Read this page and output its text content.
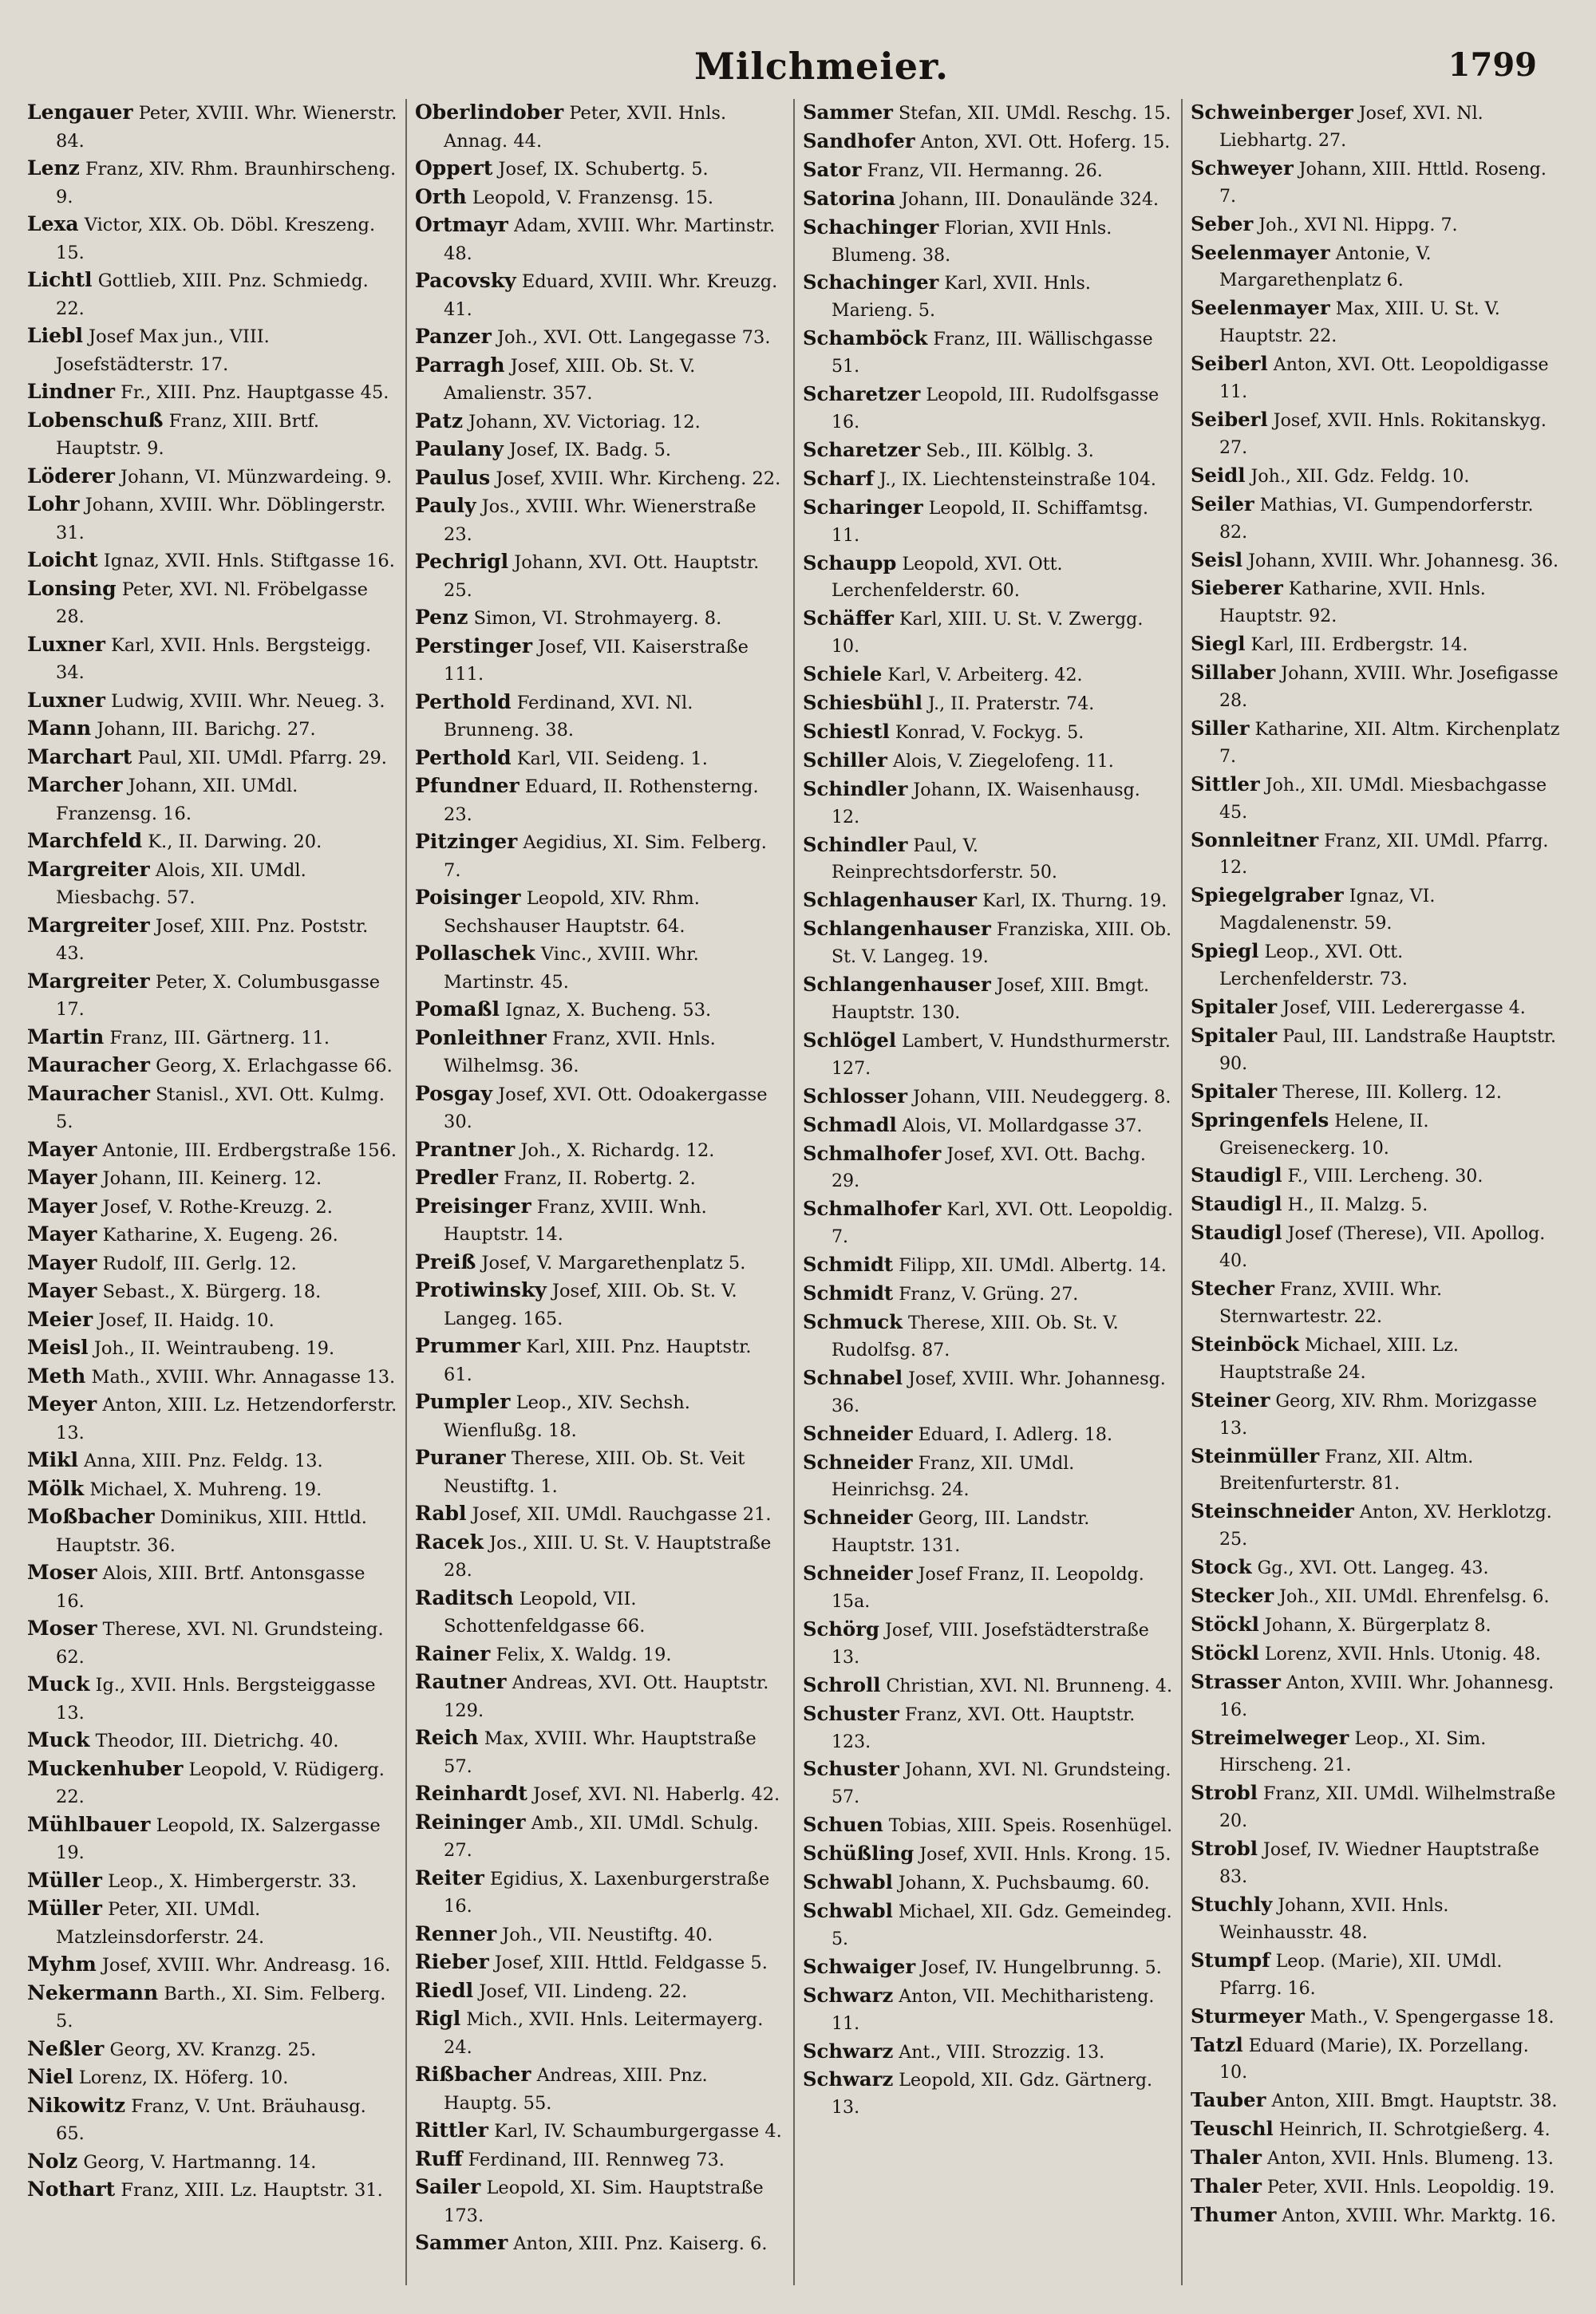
Milchmeier.	1799

Lengauer Peter, XVIII. Whr. Wienerstr. 84.

Lenz Franz, XIV. Rhm. Braunhirscheng. 9.

Lexa Victor, XIX. Ob. Döbl. Kreszeng. 15.

Lichtl Gottlieb, XIII. Pnz. Schmiedg. 22.

Liebl Josef Max jun., VIII. Josefstädterstr. 17.

Lindner Fr., XIII. Pnz. Hauptgasse 45.

Lobenschuß Franz, XIII. Brtf. Hauptstr. 9.

Löderer Johann, VI. Münzwardeing. 9.

Lohr Johann, XVIII. Whr. Döblingerstr. 31.

Loicht Ignaz, XVII. Hnls. Stiftgasse 16.

Lonsing Peter, XVI. Nl. Fröbelgasse 28.

Luxner Karl, XVII. Hnls. Bergsteigg. 34.

Luxner Ludwig, XVIII. Whr. Neueg. 3.

Mann Johann, III. Barichg. 27.

Marchart Paul, XII. UMdl. Pfarrg. 29.

Marcher Johann, XII. UMdl. Franzensg. 16.

Marchfeld K., II. Darwing. 20.

Margreiter Alois, XII. UMdl. Miesbachg. 57.

Margreiter Josef, XIII. Pnz. Poststr. 43.

Margreiter Peter, X. Columbusgasse 17.

Martin Franz, III. Gärtnerg. 11.

Mauracher Georg, X. Erlachgasse 66.

Mauracher Stanisl., XVI. Ott. Kulmg. 5.

Mayer Antonie, III. Erdbergstraße 156.

Mayer Johann, III. Keinerg. 12.

Mayer Josef, V. Rothe-Kreuzg. 2.

Mayer Katharine, X. Eugeng. 26.

Mayer Rudolf, III. Gerlg. 12.

Mayer Sebast., X. Bürgerg. 18.

Meier Josef, II. Haidg. 10.

Meisl Joh., II. Weintraubeng. 19.

Meth Math., XVIII. Whr. Annagasse 13.

Meyer Anton, XIII. Lz. Hetzendorferstr. 13.

Mikl Anna, XIII. Pnz. Feldg. 13.

Mölk Michael, X. Muhreng. 19.

Moßbacher Dominikus, XIII. Httld. Hauptstr. 36.

Moser Alois, XIII. Brtf. Antonsgasse 16.

Moser Therese, XVI. Nl. Grundsteing. 62.

Muck Ig., XVII. Hnls. Bergsteiggasse 13.

Muck Theodor, III. Dietrichg. 40.

Muckenhuber Leopold, V. Rüdigerg. 22.

Mühlbauer Leopold, IX. Salzergasse 19.

Müller Leop., X. Himbergerstr. 33.

Müller Peter, XII. UMdl. Matzleinsdorferstr. 24.

Myhm Josef, XVIII. Whr. Andreasg. 16.

Nekermann Barth., XI. Sim. Felberg. 5.

Neßler Georg, XV. Kranzg. 25.

Niel Lorenz, IX. Höferg. 10.

Nikowitz Franz, V. Unt. Bräuhausg. 65.

Nolz Georg, V. Hartmanng. 14.

Nothart Franz, XIII. Lz. Hauptstr. 31.

Oberlindober Peter, XVII. Hnls. Annag. 44.

Oppert Josef, IX. Schubertg. 5.

Orth Leopold, V. Franzensg. 15.

Ortmayr Adam, XVIII. Whr. Martinstr. 48.

Pacovsky Eduard, XVIII. Whr. Kreuzg. 41.

Panzer Joh., XVI. Ott. Langegasse 73.

Parragh Josef, XIII. Ob. St. V. Amalienstr. 357.

Patz Johann, XV. Victoriag. 12.

Paulany Josef, IX. Badg. 5.

Paulus Josef, XVIII. Whr. Kircheng. 22.

Pauly Jos., XVIII. Whr. Wienerstraße 23.

Pechrigl Johann, XVI. Ott. Hauptstr. 25.

Penz Simon, VI. Strohmayerg. 8.

Perstinger Josef, VII. Kaiserstraße 111.

Perthold Ferdinand, XVI. Nl. Brunneng. 38.

Perthold Karl, VII. Seideng. 1.

Pfundner Eduard, II. Rothensterng. 23.

Pitzinger Aegidius, XI. Sim. Felberg. 7.

Poisinger Leopold, XIV. Rhm. Sechshauser Hauptstr. 64.

Pollaschek Vinc., XVIII. Whr. Martinstr. 45.

Pomaßl Ignaz, X. Bucheng. 53.

Ponleithner Franz, XVII. Hnls. Wilhelmsg. 36.

Posgay Josef, XVI. Ott. Odoakergasse 30.

Prantner Joh., X. Richardg. 12.

Predler Franz, II. Robertg. 2.

Preisinger Franz, XVIII. Wnh. Hauptstr. 14.

Preiß Josef, V. Margarethenplatz 5.

Protiwinsky Josef, XIII. Ob. St. V. Langeg. 165.

Prummer Karl, XIII. Pnz. Hauptstr. 61.

Pumpler Leop., XIV. Sechsh. Wienflußg. 18.

Puraner Therese, XIII. Ob. St. Veit Neustiftg. 1.

Rabl Josef, XII. UMdl. Rauchgasse 21.

Racek Jos., XIII. U. St. V. Hauptstraße 28.

Raditsch Leopold, VII. Schottenfeldgasse 66.

Rainer Felix, X. Waldg. 19.

Rautner Andreas, XVI. Ott. Hauptstr. 129.

Reich Max, XVIII. Whr. Hauptstraße 57.

Reinhardt Josef, XVI. Nl. Haberlg. 42.

Reininger Amb., XII. UMdl. Schulg. 27.

Reiter Egidius, X. Laxenburgerstraße 16.

Renner Joh., VII. Neustiftg. 40.

Rieber Josef, XIII. Httld. Feldgasse 5.

Riedl Josef, VII. Lindeng. 22.

Rigl Mich., XVII. Hnls. Leitermayerg. 24.

Rißbacher Andreas, XIII. Pnz. Hauptg. 55.

Rittler Karl, IV. Schaumburgergasse 4.

Ruff Ferdinand, III. Rennweg 73.

Sailer Leopold, XI. Sim. Hauptstraße 173.

Sammer Anton, XIII. Pnz. Kaiserg. 6.

Sammer Stefan, XII. UMdl. Reschg. 15.

Sandhofer Anton, XVI. Ott. Hoferg. 15.

Sator Franz, VII. Hermanng. 26.

Satorina Johann, III. Donaulände 324.

Schachinger Florian, XVII Hnls. Blumeng. 38.

Schachinger Karl, XVII. Hnls. Marieng. 5.

Schamböck Franz, III. Wällischgasse 51.

Scharetzer Leopold, III. Rudolfsgasse 16.

Scharetzer Seb., III. Kölblg. 3.

Scharf J., IX. Liechtensteinstraße 104.

Scharinger Leopold, II. Schiffamtsg. 11.

Schaupp Leopold, XVI. Ott. Lerchenfelderstr. 60.

Schäffer Karl, XIII. U. St. V. Zwergg. 10.

Schiele Karl, V. Arbeiterg. 42.

Schiesbühl J., II. Praterstr. 74.

Schiestl Konrad, V. Fockyg. 5.

Schiller Alois, V. Ziegelofeng. 11.

Schindler Johann, IX. Waisenhausg. 12.

Schindler Paul, V. Reinprechtsdorferstr. 50.

Schlagenhauser Karl, IX. Thurng. 19.

Schlangenhauser Franziska, XIII. Ob. St. V. Langeg. 19.

Schlangenhauser Josef, XIII. Bmgt. Hauptstr. 130.

Schlögel Lambert, V. Hundsthurmerstr. 127.

Schlosser Johann, VIII. Neudeggerg. 8.

Schmadl Alois, VI. Mollardgasse 37.

Schmalhofer Josef, XVI. Ott. Bachg. 29.

Schmalhofer Karl, XVI. Ott. Leopoldig. 7.

Schmidt Filipp, XII. UMdl. Albertg. 14.

Schmidt Franz, V. Grüng. 27.

Schmuck Therese, XIII. Ob. St. V. Rudolfsg. 87.

Schnabel Josef, XVIII. Whr. Johannesg. 36.

Schneider Eduard, I. Adlerg. 18.

Schneider Franz, XII. UMdl. Heinrichsg. 24.

Schneider Georg, III. Landstr. Hauptstr. 131.

Schneider Josef Franz, II. Leopoldg. 15a.

Schörg Josef, VIII. Josefstädterstraße 13.

Schroll Christian, XVI. Nl. Brunneng. 4.

Schuster Franz, XVI. Ott. Hauptstr. 123.

Schuster Johann, XVI. Nl. Grundsteing. 57.

Schuen Tobias, XIII. Speis. Rosenhügel.

Schüßling Josef, XVII. Hnls. Krong. 15.

Schwabl Johann, X. Puchsbaumg. 60.

Schwabl Michael, XII. Gdz. Gemeindeg. 5.

Schwaiger Josef, IV. Hungelbrunng. 5.

Schwarz Anton, VII. Mechitharisteng. 11.

Schwarz Ant., VIII. Strozzig. 13.

Schwarz Leopold, XII. Gdz. Gärtnerg. 13.

Schweinberger Josef, XVI. Nl. Liebhartg. 27.

Schweyer Johann, XIII. Httld. Roseng. 7.

Seber Joh., XVI Nl. Hippg. 7.

Seelenmayer Antonie, V. Margarethenplatz 6.

Seelenmayer Max, XIII. U. St. V. Hauptstr. 22.

Seiberl Anton, XVI. Ott. Leopoldigasse 11.

Seiberl Josef, XVII. Hnls. Rokitanskyg. 27.

Seidl Joh., XII. Gdz. Feldg. 10.

Seiler Mathias, VI. Gumpendorferstr. 82.

Seisl Johann, XVIII. Whr. Johannesg. 36.

Sieberer Katharine, XVII. Hnls. Hauptstr. 92.

Siegl Karl, III. Erdbergstr. 14.

Sillaber Johann, XVIII. Whr. Josefigasse 28.

Siller Katharine, XII. Altm. Kirchenplatz 7.

Sittler Joh., XII. UMdl. Miesbachgasse 45.

Sonnleitner Franz, XII. UMdl. Pfarrg. 12.

Spiegelgraber Ignaz, VI. Magdalenenstr. 59.

Spiegl Leop., XVI. Ott. Lerchenfelderstr. 73.

Spitaler Josef, VIII. Lederergasse 4.

Spitaler Paul, III. Landstraße Hauptstr. 90.

Spitaler Therese, III. Kollerg. 12.

Springenfels Helene, II. Greiseneckerg. 10.

Staudigl F., VIII. Lercheng. 30.

Staudigl H., II. Malzg. 5.

Staudigl Josef (Therese), VII. Apollog. 40.

Stecher Franz, XVIII. Whr. Sternwartestr. 22.

Steinböck Michael, XIII. Lz. Hauptstraße 24.

Steiner Georg, XIV. Rhm. Morizgasse 13.

Steinmüller Franz, XII. Altm. Breitenfurterstr. 81.

Steinschneider Anton, XV. Herklotzg. 25.

Stock Gg., XVI. Ott. Langeg. 43.

Stecker Joh., XII. UMdl. Ehrenfelsg. 6.

Stöckl Johann, X. Bürgerplatz 8.

Stöckl Lorenz, XVII. Hnls. Utonig. 48.

Strasser Anton, XVIII. Whr. Johannesg. 16.

Streimelweger Leop., XI. Sim. Hirscheng. 21.

Strobl Franz, XII. UMdl. Wilhelmstraße 20.

Strobl Josef, IV. Wiedner Hauptstraße 83.

Stuchly Johann, XVII. Hnls. Weinhausstr. 48.

Stumpf Leop. (Marie), XII. UMdl. Pfarrg. 16.

Sturmeyer Math., V. Spengergasse 18.

Tatzl Eduard (Marie), IX. Porzellang. 10.

Tauber Anton, XIII. Bmgt. Hauptstr. 38.

Teuschl Heinrich, II. Schrotgießerg. 4.

Thaler Anton, XVII. Hnls. Blumeng. 13.

Thaler Peter, XVII. Hnls. Leopoldig. 19.

Thumer Anton, XVIII. Whr. Marktg. 16.
